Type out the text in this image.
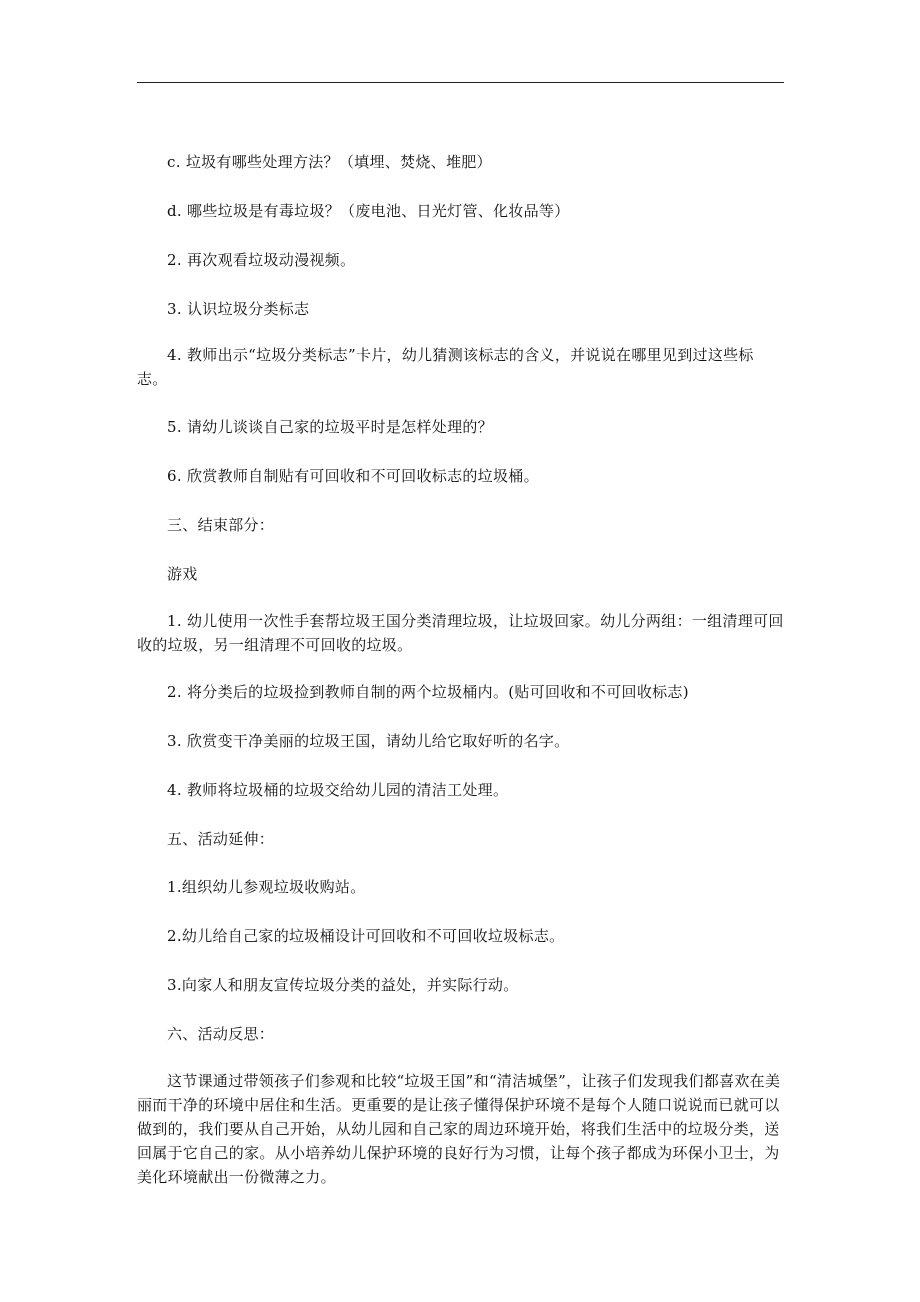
c. 垃圾有哪些处理方法？（填埋、焚烧、堆肥）

d. 哪些垃圾是有毒垃圾？（废电池、日光灯管、化妆品等）

2. 再次观看垃圾动漫视频。

3. 认识垃圾分类标志

4. 教师出示“垃圾分类标志”卡片，幼儿猜测该标志的含义，并说说在哪里见到过这些标志。

5. 请幼儿谈谈自己家的垃圾平时是怎样处理的？

6. 欣赏教师自制贴有可回收和不可回收标志的垃圾桶。

三、结束部分：

游戏

1. 幼儿使用一次性手套帮垃圾王国分类清理垃圾，让垃圾回家。幼儿分两组：一组清理可回收的垃圾，另一组清理不可回收的垃圾。

2. 将分类后的垃圾捡到教师自制的两个垃圾桶内。(贴可回收和不可回收标志)

3. 欣赏变干净美丽的垃圾王国，请幼儿给它取好听的名字。

4. 教师将垃圾桶的垃圾交给幼儿园的清洁工处理。

五、活动延伸：

1.组织幼儿参观垃圾收购站。

2.幼儿给自己家的垃圾桶设计可回收和不可回收垃圾标志。

3.向家人和朋友宣传垃圾分类的益处，并实际行动。

六、活动反思：

这节课通过带领孩子们参观和比较“垃圾王国”和“清洁城堡”，让孩子们发现我们都喜欢在美丽而干净的环境中居住和生活。更重要的是让孩子懂得保护环境不是每个人随口说说而已就可以做到的，我们要从自己开始，从幼儿园和自己家的周边环境开始，将我们生活中的垃圾分类，送回属于它自己的家。从小培养幼儿保护环境的良好行为习惯，让每个孩子都成为环保小卫士，为美化环境献出一份微薄之力。
